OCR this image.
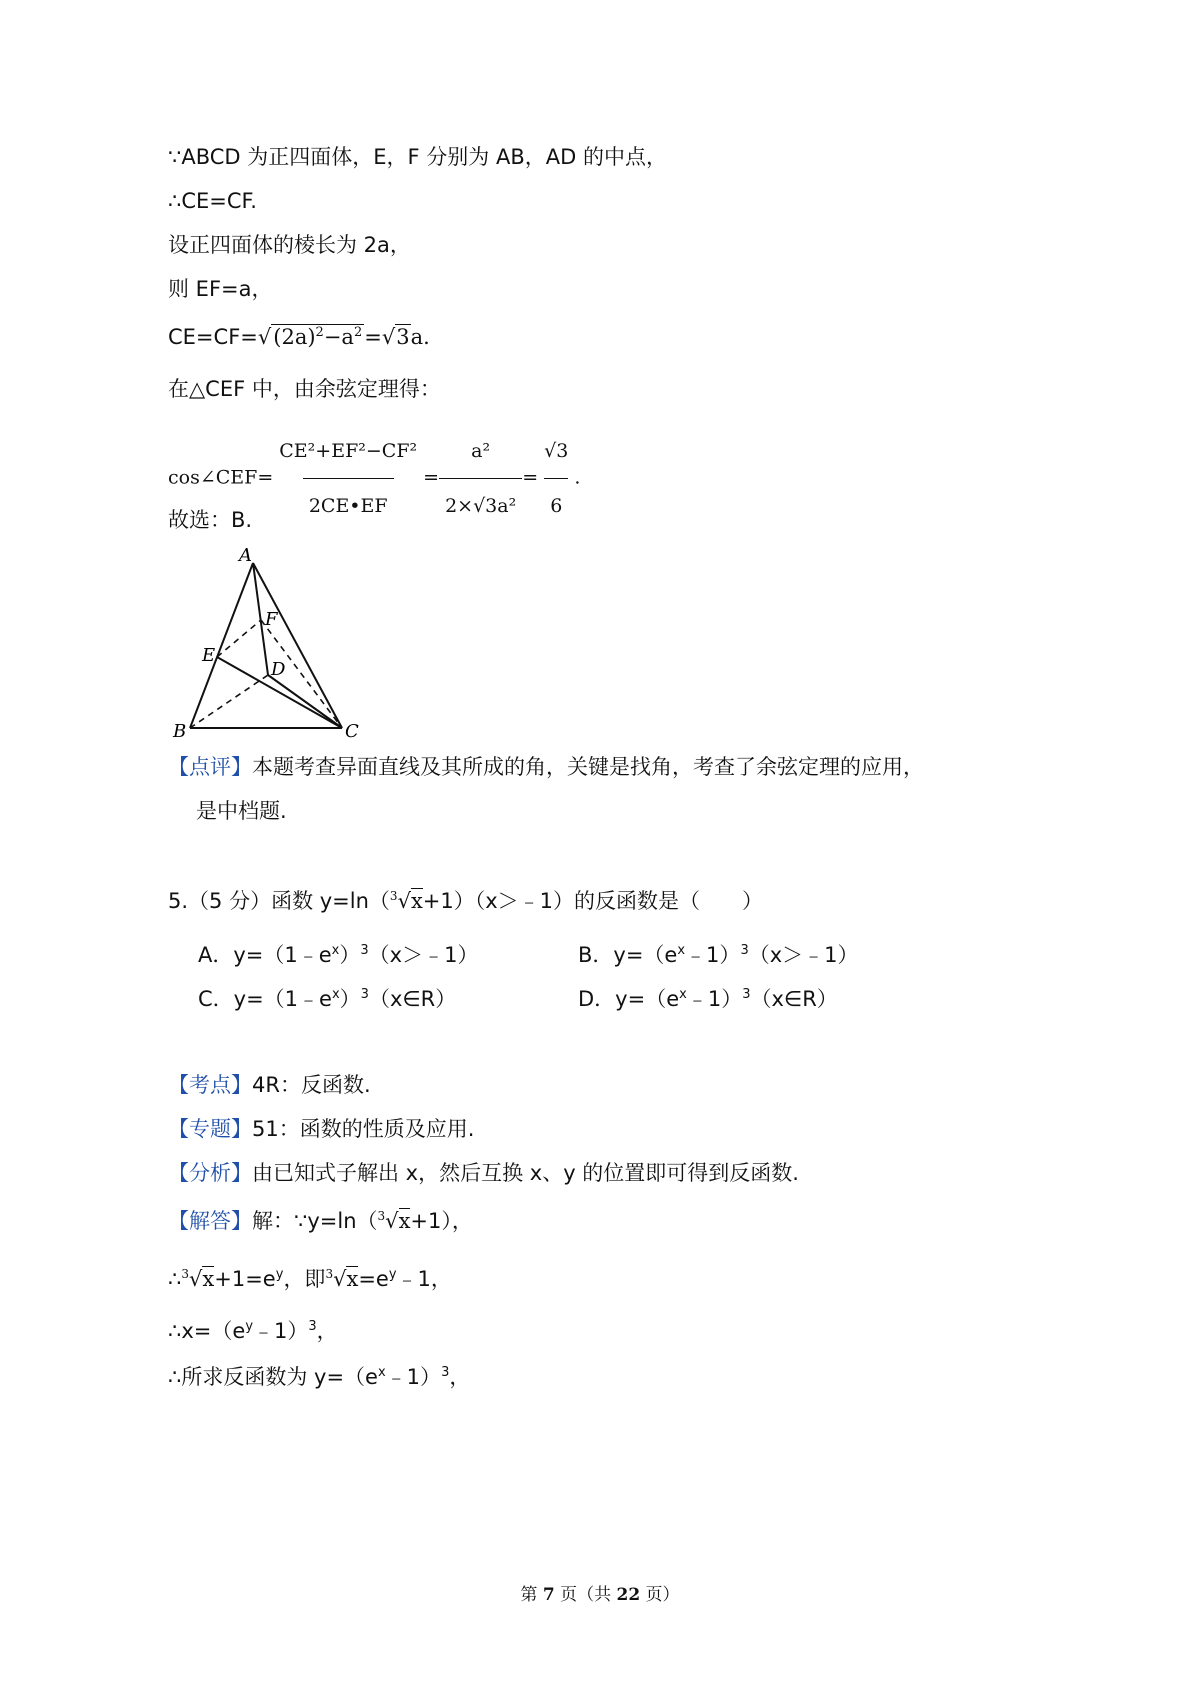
∵ABCD 为正四面体，E，F 分别为 AB，AD 的中点，
∴CE=CF.
设正四面体的棱长为 2a，
则 EF=a，
$CE=CF=√(2a)^2-a^2=√3a$.
在△CEF 中，由余弦定理得：
cos∠CEF= $\frac{\text{CE²+EF²−CF²}}{2CE•EF} = \frac{\text{a²}}{\text{2×√3a²}} = \frac{√3}{6}$ .
故选：B.
A
B	C
D
E
F
【点评】本题考查异面直线及其所成的角，关键是找角，考查了余弦定理的应用，
是中档题.
5.（5 分）函数 y=ln（$^3$√x+1）（x＞﹣1）的反函数是（　　）
A．$y=(1﹣e^x)^3(x>﹣1)$	B．$y=(e^x﹣1)^3(x>﹣1)$
C．$y=(1﹣e^x)^3(x\in R)$	D．$y=(e^x﹣1)^3(x\in R)$
【考点】4R：反函数.
【专题】51：函数的性质及应用.
【分析】由已知式子解出 x，然后互换 x、y 的位置即可得到反函数.
【解答】解：∵y=ln（$^3$√x+1），
$\therefore^3√x+1=e^y$，即$^3√x=e^y﹣1$，
$\therefore x=(e^y﹣1)^3$，
∴所求反函数为 $y=(e^x﹣1)^3$，
第 7 页（共 22 页）
